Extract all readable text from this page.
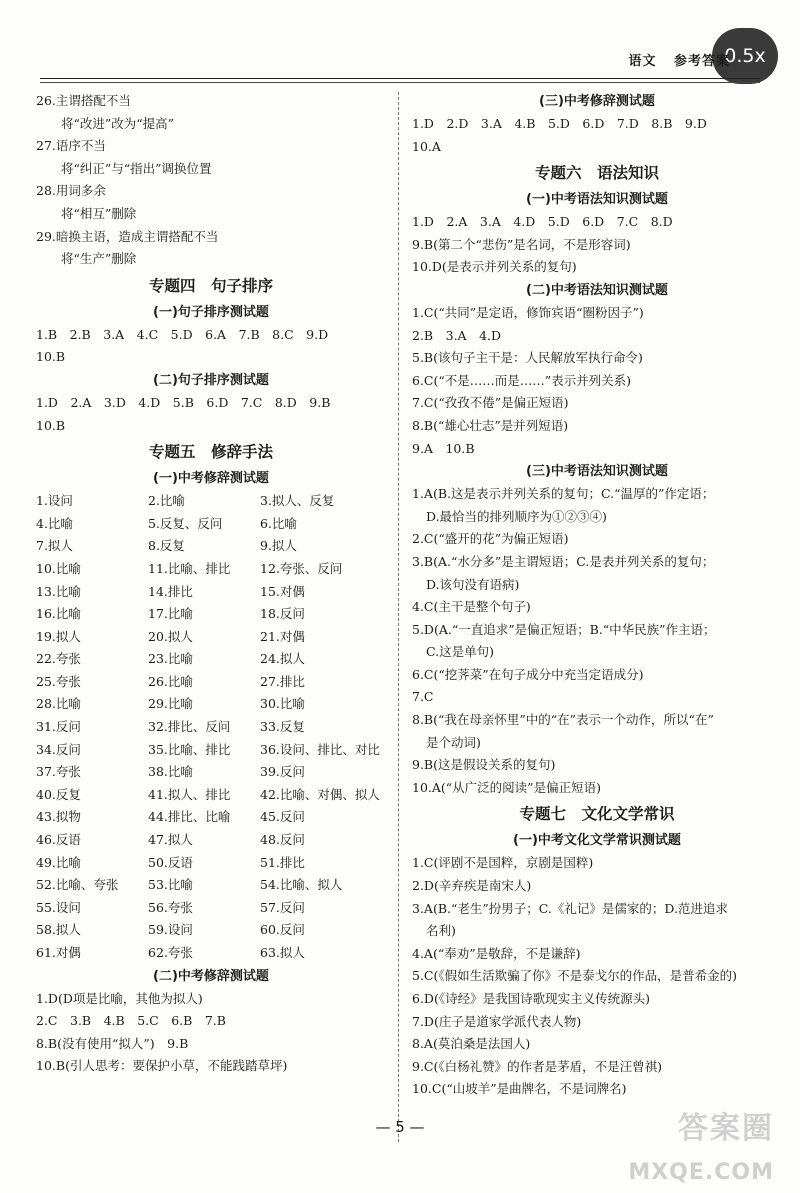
0.5x
语文 参考答案
26.主谓搭配不当
将“改进”改为“提高”
27.语序不当
将“纠正”与“指出”调换位置
28.用词多余
将“相互”删除
29.暗换主语，造成主谓搭配不当
将“生产”删除
专题四　句子排序
(一)句子排序测试题
1.B　2.B　3.A　4.C　5.D　6.A　7.B　8.C　9.D
10.B
(二)句子排序测试题
1.D　2.A　3.D　4.D　5.B　6.D　7.C　8.D　9.B
10.B
专题五　修辞手法
(一)中考修辞测试题
1.设问	2.比喻	3.拟人、反复
4.比喻	5.反复、反问	6.比喻
7.拟人	8.反复	9.拟人
10.比喻	11.比喻、排比	12.夸张、反问
13.比喻	14.排比	15.对偶
16.比喻	17.比喻	18.反问
19.拟人	20.拟人	21.对偶
22.夸张	23.比喻	24.拟人
25.夸张	26.比喻	27.排比
28.比喻	29.比喻	30.比喻
31.反问	32.排比、反问	33.反复
34.反问	35.比喻、排比	36.设问、排比、对比
37.夸张	38.比喻	39.反问
40.反复	41.拟人、排比	42.比喻、对偶、拟人
43.拟物	44.排比、比喻	45.反问
46.反语	47.拟人	48.反问
49.比喻	50.反语	51.排比
52.比喻、夸张	53.比喻	54.比喻、拟人
55.设问	56.夸张	57.反问
58.拟人	59.设问	60.反问
61.对偶	62.夸张	63.拟人
(二)中考修辞测试题
1.D(D项是比喻，其他为拟人)
2.C　3.B　4.B　5.C　6.B　7.B
8.B(没有使用“拟人”)　9.B
10.B(引人思考：要保护小草，不能践踏草坪)
(三)中考修辞测试题
1.D　2.D　3.A　4.B　5.D　6.D　7.D　8.B　9.D
10.A
专题六　语法知识
(一)中考语法知识测试题
1.D　2.A　3.A　4.D　5.D　6.D　7.C　8.D
9.B(第二个“悲伤”是名词，不是形容词)
10.D(是表示并列关系的复句)
(二)中考语法知识测试题
1.C(“共同”是定语，修饰宾语“圈粉因子”)
2.B　3.A　4.D
5.B(该句子主干是：人民解放军执行命令)
6.C(“不是……而是……”表示并列关系)
7.C(“孜孜不倦”是偏正短语)
8.B(“雄心壮志”是并列短语)
9.A　10.B
(三)中考语法知识测试题
1.A(B.这是表示并列关系的复句；C.“温厚的”作定语；
D.最恰当的排列顺序为①②③④)
2.C(“盛开的花”为偏正短语)
3.B(A.“水分多”是主谓短语；C.是表并列关系的复句；
D.该句没有语病)
4.C(主干是整个句子)
5.D(A.“一直追求”是偏正短语；B.“中华民族”作主语；
C.这是单句)
6.C(“挖荠菜”在句子成分中充当定语成分)
7.C
8.B(“我在母亲怀里”中的“在”表示一个动作，所以“在”
是个动词)
9.B(这是假设关系的复句)
10.A(“从广泛的阅读”是偏正短语)
专题七　文化文学常识
(一)中考文化文学常识测试题
1.C(评剧不是国粹，京剧是国粹)
2.D(辛弃疾是南宋人)
3.A(B.“老生”扮男子；C.《礼记》是儒家的；D.范进追求
名利)
4.A(“奉劝”是敬辞，不是谦辞)
5.C(《假如生活欺骗了你》不是泰戈尔的作品，是普希金的)
6.D(《诗经》是我国诗歌现实主义传统源头)
7.D(庄子是道家学派代表人物)
8.A(莫泊桑是法国人)
9.C(《白杨礼赞》的作者是茅盾，不是汪曾祺)
10.C(“山坡羊”是曲牌名，不是词牌名)
— 5 —	答案圈
MXQE.COM
